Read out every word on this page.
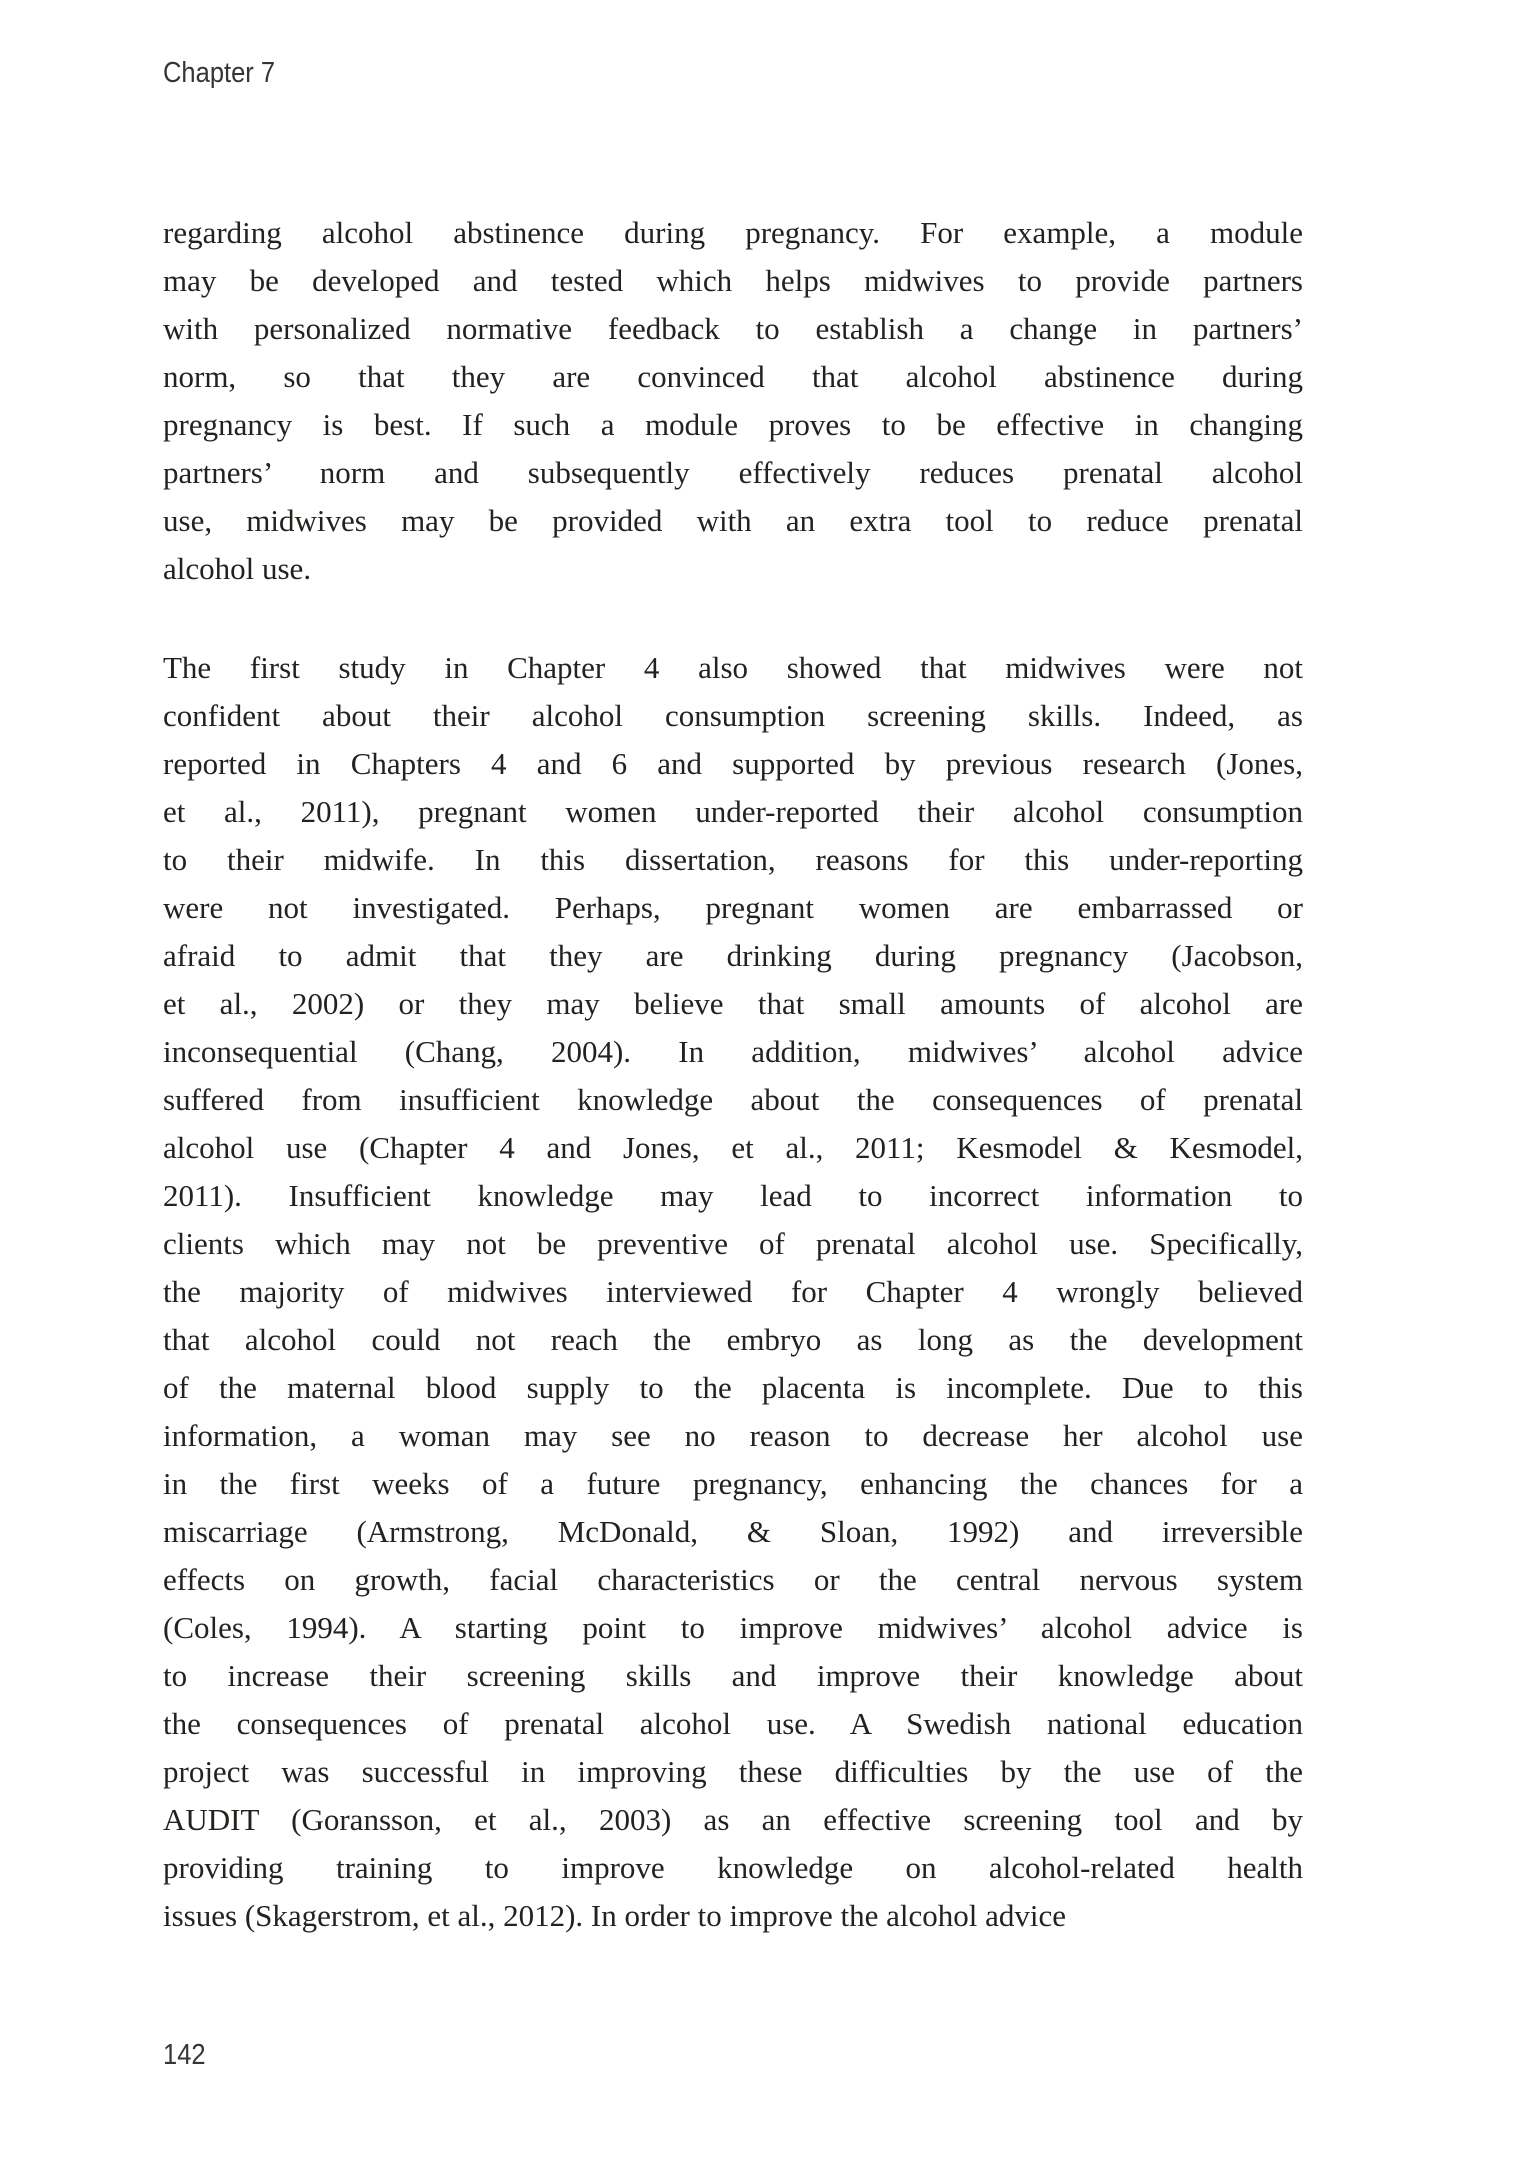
Chapter 7
regarding alcohol abstinence during pregnancy. For example, a module
may be developed and tested which helps midwives to provide partners
with personalized normative feedback to establish a change in partners’
norm, so that they are convinced that alcohol abstinence during
pregnancy is best. If such a module proves to be effective in changing
partners’ norm and subsequently effectively reduces prenatal alcohol
use, midwives may be provided with an extra tool to reduce prenatal
alcohol use.
The first study in Chapter 4 also showed that midwives were not
confident about their alcohol consumption screening skills. Indeed, as
reported in Chapters 4 and 6 and supported by previous research (Jones,
et al., 2011), pregnant women under-reported their alcohol consumption
to their midwife. In this dissertation, reasons for this under-reporting
were not investigated. Perhaps, pregnant women are embarrassed or
afraid to admit that they are drinking during pregnancy (Jacobson,
et al., 2002) or they may believe that small amounts of alcohol are
inconsequential (Chang, 2004). In addition, midwives’ alcohol advice
suffered from insufficient knowledge about the consequences of prenatal
alcohol use (Chapter 4 and Jones, et al., 2011; Kesmodel & Kesmodel,
2011). Insufficient knowledge may lead to incorrect information to
clients which may not be preventive of prenatal alcohol use. Specifically,
the majority of midwives interviewed for Chapter 4 wrongly believed
that alcohol could not reach the embryo as long as the development
of the maternal blood supply to the placenta is incomplete. Due to this
information, a woman may see no reason to decrease her alcohol use
in the first weeks of a future pregnancy, enhancing the chances for a
miscarriage (Armstrong, McDonald, & Sloan, 1992) and irreversible
effects on growth, facial characteristics or the central nervous system
(Coles, 1994). A starting point to improve midwives’ alcohol advice is
to increase their screening skills and improve their knowledge about
the consequences of prenatal alcohol use. A Swedish national education
project was successful in improving these difficulties by the use of the
AUDIT (Goransson, et al., 2003) as an effective screening tool and by
providing training to improve knowledge on alcohol-related health
issues (Skagerstrom, et al., 2012). In order to improve the alcohol advice
142
